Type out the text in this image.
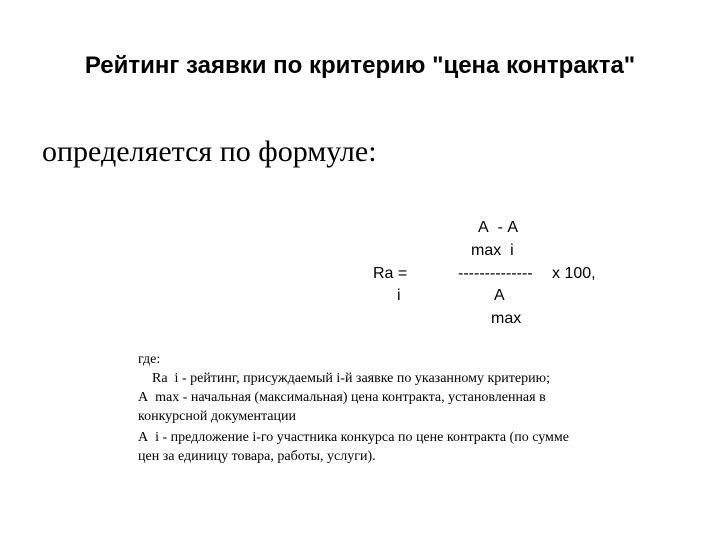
Рейтинг заявки по критерию "цена контракта"
определяется по формуле:
А  - А
max  i
Ra =	-------------- x 100,
i	А
max
где:
Ra  i - рейтинг, присуждаемый i-й заявке по указанному критерию;
А  max - начальная (максимальная) цена контракта, установленная в
конкурсной документации
А  i - предложение i-го участника конкурса по цене контракта (по сумме
цен за единицу товара, работы, услуги).
